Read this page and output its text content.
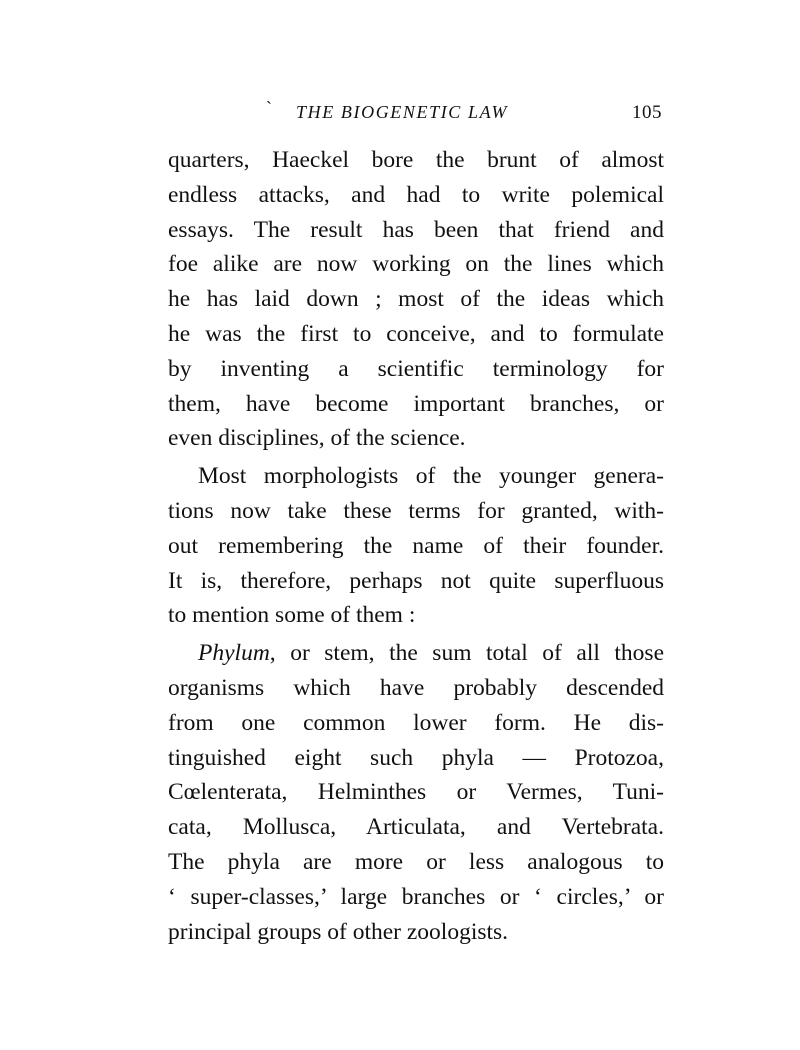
` THE BIOGENETIC LAW	105
quarters, Haeckel bore the brunt of almost
endless attacks, and had to write polemical
essays. The result has been that friend and
foe alike are now working on the lines which
he has laid down ; most of the ideas which
he was the first to conceive, and to formulate
by inventing a scientific terminology for
them, have become important branches, or
even disciplines, of the science.
Most morphologists of the younger genera-
tions now take these terms for granted, with-
out remembering the name of their founder.
It is, therefore, perhaps not quite superfluous
to mention some of them :
Phylum, or stem, the sum total of all those
organisms which have probably descended
from one common lower form. He dis-
tinguished eight such phyla — Protozoa,
Cœlenterata, Helminthes or Vermes, Tuni-
cata, Mollusca, Articulata, and Vertebrata.
The phyla are more or less analogous to
‘ super-classes,’ large branches or ‘ circles,’ or
principal groups of other zoologists.
